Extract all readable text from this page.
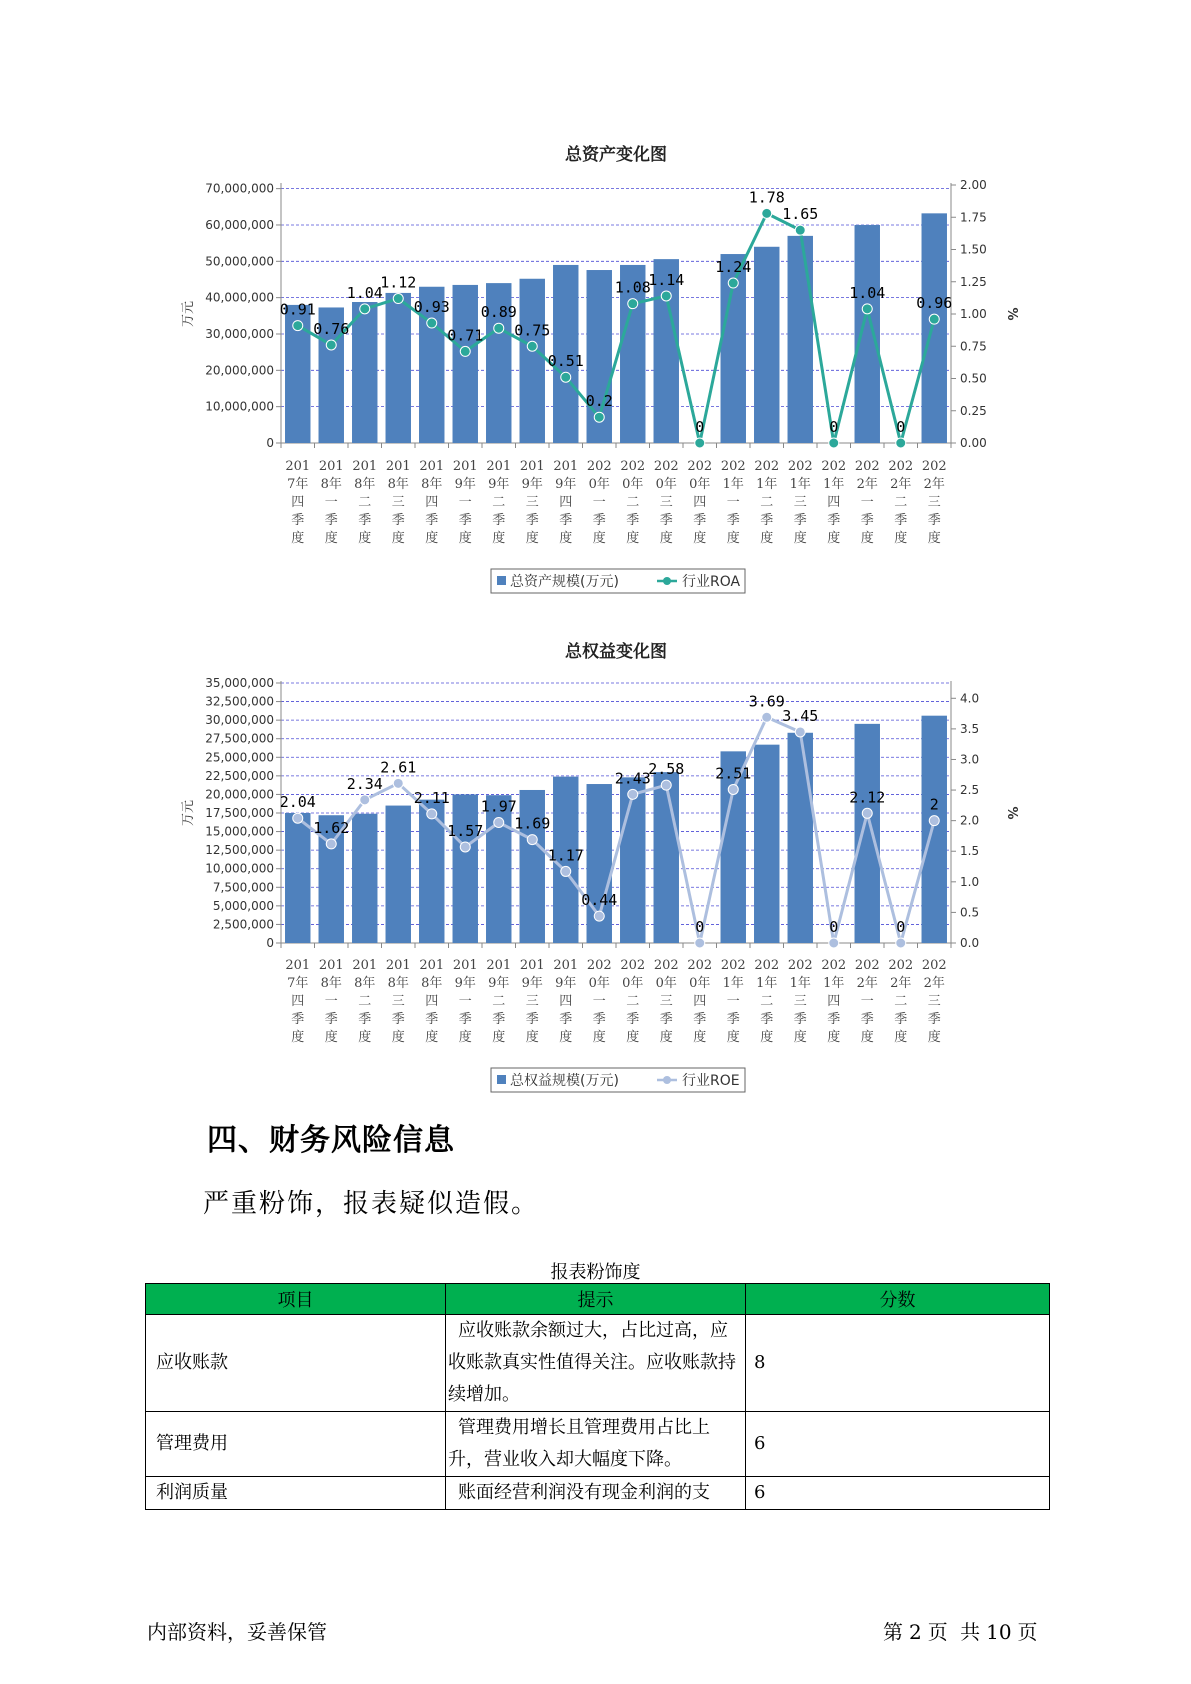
总资产变化图
0
10,000,000
20,000,000
30,000,000
40,000,000
50,000,000
60,000,000
70,000,000
0.00
0.25
0.50
0.75
1.00
1.25
1.50
1.75
2.00
万元	%
201 7年四季度
201 8年一季度
201 8年二季度
201 8年三季度
201 8年四季度
201 9年一季度
201 9年二季度
201 9年三季度
201 9年四季度
202 0年一季度
202 0年二季度
202 0年三季度
202 0年四季度
202 1年一季度
202 1年二季度
202 1年三季度
202 1年四季度
202 2年一季度
202 2年二季度
202 2年三季度
0.91
0.76
1.04
1.12
0.93
0.71
0.89
0.75
0.51
0.2
1.08
1.14
0
1.24
1.78
1.65
0
1.04
0
0.96
总资产规模(万元)	行业ROA
总权益变化图
0
2,500,000
5,000,000
7,500,000
10,000,000
12,500,000
15,000,000
17,500,000
20,000,000
22,500,000
25,000,000
27,500,000
30,000,000
32,500,000
35,000,000
0.0
0.5
1.0
1.5
2.0
2.5
3.0
3.5
4.0
万元	%
201 7年四季度
201 8年一季度
201 8年二季度
201 8年三季度
201 8年四季度
201 9年一季度
201 9年二季度
201 9年三季度
201 9年四季度
202 0年一季度
202 0年二季度
202 0年三季度
202 0年四季度
202 1年一季度
202 1年二季度
202 1年三季度
202 1年四季度
202 2年一季度
202 2年二季度
202 2年三季度
2.04
1.62
2.34
2.61
2.11
1.57
1.97
1.69
1.17
0.44
2.43
2.58
0
2.51
3.69
3.45
0
2.12
0
2
总权益规模(万元)	行业ROE
四、财务风险信息
严重粉饰，报表疑似造假。
报表粉饰度
项目	提示	分数
应收账款	应收账款余额过大，占比过高，应收账款真实性值得关注。应收账款持续增加。	8
管理费用	管理费用增长且管理费用占比上升，营业收入却大幅度下降。	6
利润质量	账面经营利润没有现金利润的支	6
内部资料，妥善保管	第 2 页 共 10 页
